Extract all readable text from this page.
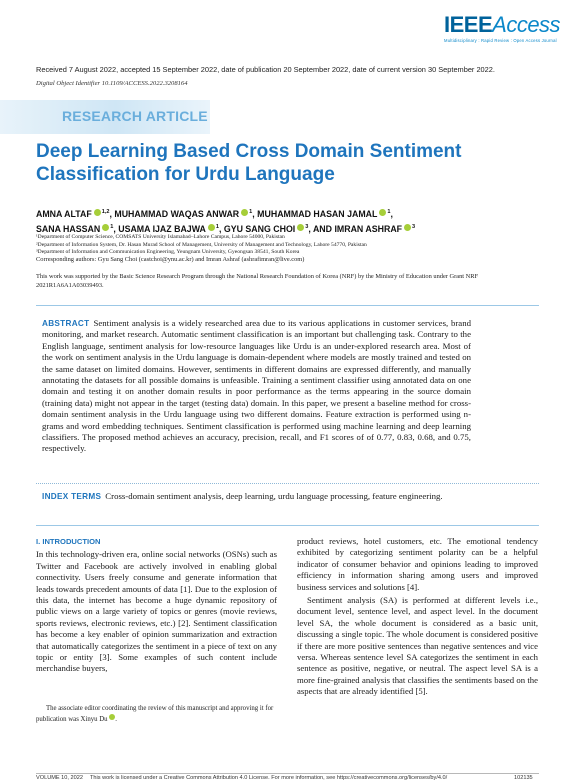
IEEEAccess
Multidisciplinary : Rapid Review : Open Access Journal
Received 7 August 2022, accepted 15 September 2022, date of publication 20 September 2022, date of current version 30 September 2022.
Digital Object Identifier 10.1109/ACCESS.2022.3208164
RESEARCH ARTICLE
Deep Learning Based Cross Domain Sentiment
Classification for Urdu Language
AMNA ALTAF $^{1,2}$, MUHAMMAD WAQAS ANWAR $^1$, MUHAMMAD HASAN JAMAL $^1$,
SANA HASSAN $^1$, USAMA IJAZ BAJWA $^1$, GYU SANG CHOI $^3$, AND IMRAN ASHRAF $^3$
¹Department of Computer Science, COMSATS University Islamabad–Lahore Campus, Lahore 54000, Pakistan
²Department of Information System, Dr. Hasan Murad School of Management, University of Management and Technology, Lahore 54770, Pakistan
³Department of Information and Communication Engineering, Yeungnam University, Gyeongsan 38541, South Korea
Corresponding authors: Gyu Sang Choi (castchoi@ynu.ac.kr) and Imran Ashraf (ashrafimran@live.com)
This work was supported by the Basic Science Research Program through the National Research Foundation of Korea (NRF) by the Ministry of Education under Grant NRF 2021R1A6A1A03039493.
ABSTRACT Sentiment analysis is a widely researched area due to its various applications in customer services, brand monitoring, and market research. Automatic sentiment classification is an important but challenging task. Contrary to the English language, sentiment analysis for low-resource languages like Urdu is an under-explored research area. Most of the work on sentiment analysis in the Urdu language is domain-dependent where models are mostly trained and tested on the same dataset on limited domains. However, sentiments in different domains are expressed differently, and manually annotating the datasets for all possible domains is unfeasible. Training a sentiment classifier using annotated data on one domain and testing it on another domain results in poor performance as the terms appearing in the source domain (training data) might not appear in the target (testing data) domain. In this paper, we present a baseline method for cross-domain sentiment analysis in the Urdu language using two different domains. Feature extraction is performed using n-grams and word embedding techniques. Sentiment classification is performed using machine learning and deep learning classifiers. The proposed method achieves an accuracy, precision, recall, and F1 scores of of 0.77, 0.83, 0.68, and 0.75, respectively.
INDEX TERMS Cross-domain sentiment analysis, deep learning, urdu language processing, feature engineering.
I. INTRODUCTION

In this technology-driven era, online social networks (OSNs) such as Twitter and Facebook are actively involved in enabling global connectivity. Users freely consume and generate information that leads towards precedent amounts of data [1]. Due to the explosion of this data, the internet has become a huge dynamic repository of public views on a large variety of topics or genres (movie reviews, sports reviews, electronic reviews, etc.) [2]. Sentiment classification has become a key enabler of opinion summarization and extraction that automatically categorizes the sentiment in a piece of text on any topic or entity [3]. Some examples of such content include merchandise buyers,

The associate editor coordinating the review of this manuscript and approving it for publication was Xinyu Du .

product reviews, hotel customers, etc. The emotional tendency exhibited by categorizing sentiment polarity can be a helpful indicator of consumer behavior and opinions leading to improved efficiency in information sharing among users and improved business services and solutions [4].

Sentiment analysis (SA) is performed at different levels i.e., document level, sentence level, and aspect level. In the document level SA, the whole document is considered as a basic unit, discussing a single topic. The whole document is considered positive if there are more positive sentences than negative sentences and vice versa. Whereas sentence level SA categorizes the sentiment in each sentence as positive, negative, or neutral. The aspect level SA is a more fine-grained analysis that classifies the sentiments based on the aspects that are already identified [5].

VOLUME 10, 2022 This work is licensed under a Creative Commons Attribution 4.0 License. For more information, see https://creativecommons.org/licenses/by/4.0/	102135
